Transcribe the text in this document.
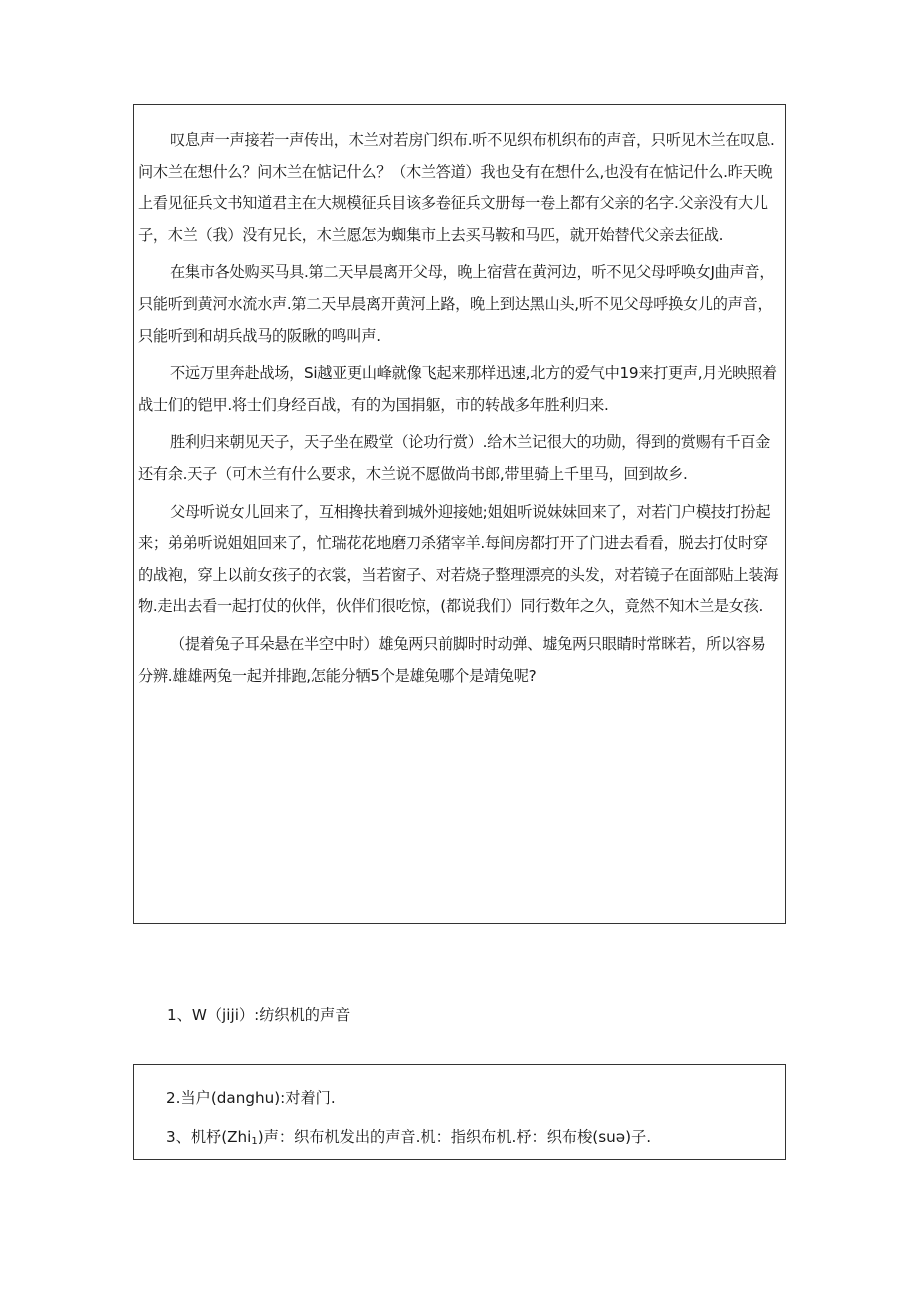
叹息声一声接若一声传出，木兰对若房门织布.听不见织布机织布的声音，只听见木兰在叹息.问木兰在想什么？问木兰在惦记什么？（木兰答道）我也殳有在想什么,也没有在惦记什么.昨天晚上看见征兵文书知道君主在大规模征兵目该多卷征兵文册每一卷上都有父亲的名字.父亲没有大儿子，木兰（我）没有兄长，木兰愿怎为蜘集市上去买马鞍和马匹，就开始替代父亲去征战.

在集市各处购买马具.第二天早晨离开父母，晚上宿营在黄河边，听不见父母呼唤女J曲声音，只能听到黄河水流水声.第二天早晨离开黄河上路，晚上到达黑山头,听不见父母呼换女儿的声音，只能听到和胡兵战马的阪瞅的鸣叫声.

不远万里奔赴战场，Si越亚更山峰就像飞起来那样迅速,北方的爱气中19来打更声,月光映照着战士们的铠甲.将士们身经百战，有的为国捐躯，市的转战多年胜利归来.

胜利归来朝见天子，天子坐在殿堂（论功行赏）.给木兰记很大的功勋，得到的赏赐有千百金还有余.天子（可木兰有什么要求，木兰说不愿做尚书郎,带里骑上千里马，回到故乡.

父母听说女儿回来了，互相搀扶着到城外迎接她;姐姐听说妹妹回来了，对若门户模技打扮起来；弟弟听说姐姐回来了，忙瑞花花地磨刀杀猪宰羊.每间房都打开了门进去看看，脱去打仗时穿的战袍，穿上以前女孩子的衣裳，当若窗子、对若烧子整理漂亮的头发，对若镜子在面部贴上装海物.走出去看一起打仗的伙伴，伙伴们很吃惊，(都说我们）同行数年之久，竟然不知木兰是女孩.

（提着兔子耳朵悬在半空中时）雄兔两只前脚时时动弹、墟兔两只眼睛时常眯若，所以容易分辨.雄雄两兔一起并排跑,怎能分牺5个是雄兔哪个是靖兔呢?

1、W（jiji）:纺织机的声音

2.当户(danghu):对着门.

3、机杼(Zhi$_1$)声：织布机发出的声音.机：指织布机.杼：织布梭(suə)子.
